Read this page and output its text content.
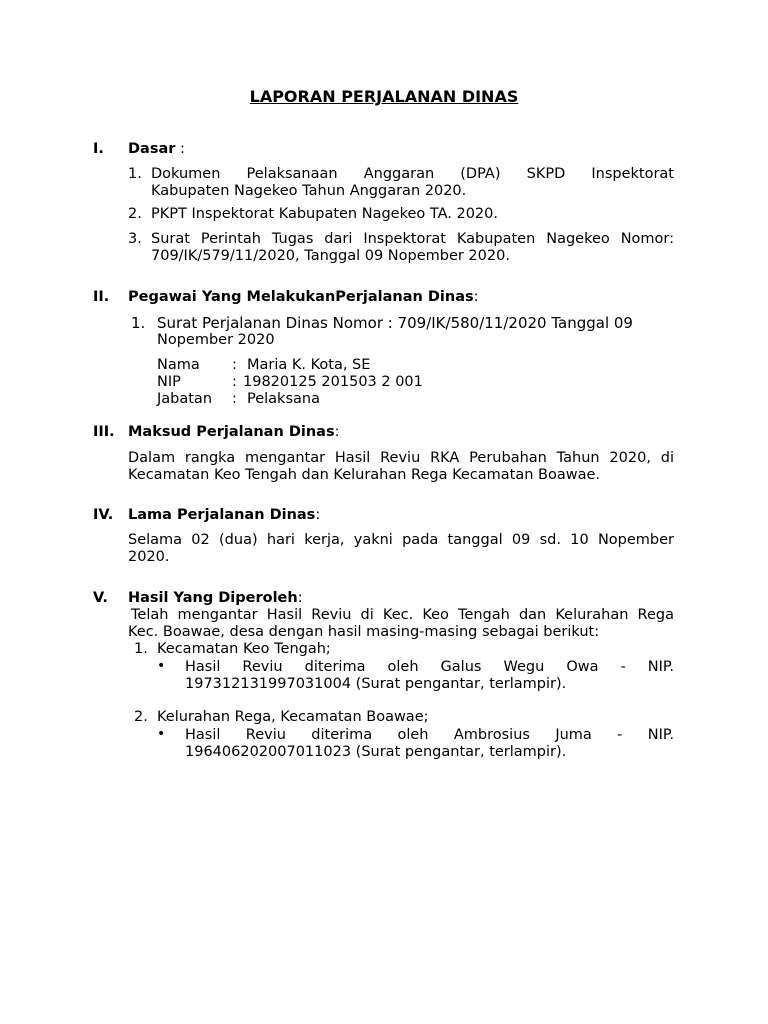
LAPORAN PERJALANAN DINAS
I. Dasar :
1. Dokumen Pelaksanaan Anggaran (DPA) SKPD Inspektorat
Kabupaten Nagekeo Tahun Anggaran 2020.
2. PKPT Inspektorat Kabupaten Nagekeo TA. 2020.
3. Surat Perintah Tugas dari Inspektorat Kabupaten Nagekeo Nomor:
709/IK/579/11/2020, Tanggal 09 Nopember 2020.
II. Pegawai Yang MelakukanPerjalanan Dinas:
1. Surat Perjalanan Dinas Nomor : 709/IK/580/11/2020 Tanggal 09
Nopember 2020
Nama : Maria K. Kota, SE
NIP	: 19820125 201503 2 001
Jabatan : Pelaksana
III. Maksud Perjalanan Dinas:
Dalam rangka mengantar Hasil Reviu RKA Perubahan Tahun 2020, di
Kecamatan Keo Tengah dan Kelurahan Rega Kecamatan Boawae.
IV. Lama Perjalanan Dinas:
Selama 02 (dua) hari kerja, yakni pada tanggal 09 sd. 10 Nopember
2020.
V. Hasil Yang Diperoleh:
Telah mengantar Hasil Reviu di Kec. Keo Tengah dan Kelurahan Rega
Kec. Boawae, desa dengan hasil masing-masing sebagai berikut:
1. Kecamatan Keo Tengah;
• Hasil Reviu diterima oleh Galus Wegu Owa - NIP.
197312131997031004 (Surat pengantar, terlampir).
2. Kelurahan Rega, Kecamatan Boawae;
• Hasil Reviu diterima oleh Ambrosius Juma - NIP.
196406202007011023 (Surat pengantar, terlampir).
